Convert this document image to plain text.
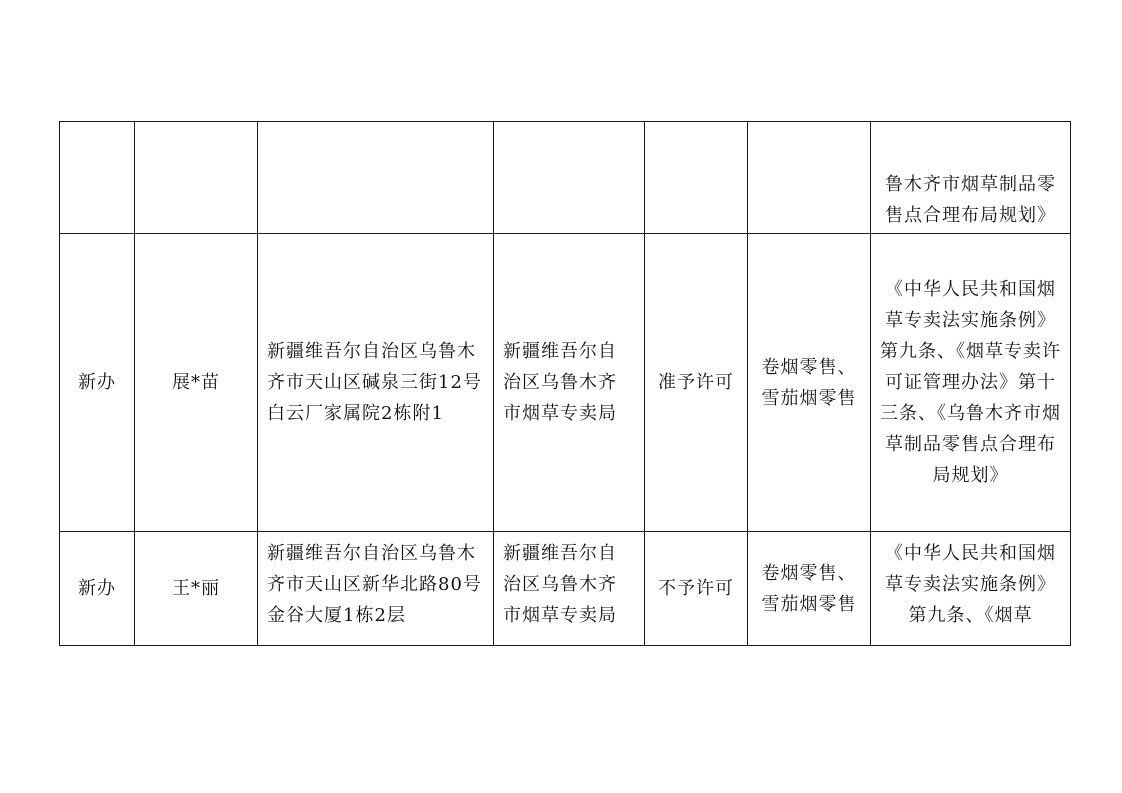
						鲁木齐市烟草制品零售点合理布局规划》

新办	展*苗	新疆维吾尔自治区乌鲁木齐市天山区碱泉三街12号白云厂家属院2栋附1	新疆维吾尔自治区乌鲁木齐市烟草专卖局	准予许可	卷烟零售、雪茄烟零售	《中华人民共和国烟草专卖法实施条例》第九条、《烟草专卖许可证管理办法》第十三条、《乌鲁木齐市烟草制品零售点合理布局规划》

新办	王*丽	新疆维吾尔自治区乌鲁木齐市天山区新华北路80号金谷大厦1栋2层	新疆维吾尔自治区乌鲁木齐市烟草专卖局	不予许可	卷烟零售、雪茄烟零售	《中华人民共和国烟草专卖法实施条例》第九条、《烟草
